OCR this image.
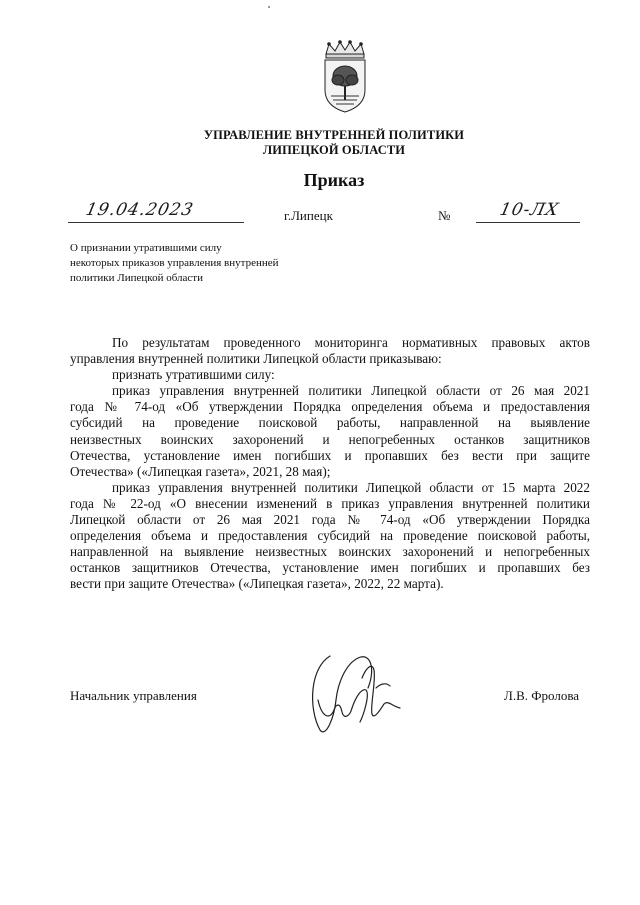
УПРАВЛЕНИЕ ВНУТРЕННЕЙ ПОЛИТИКИ
ЛИПЕЦКОЙ ОБЛАСТИ
Приказ
19.04.2023	г.Липецк	№	10-ЛХ
О признании утратившими силу
некоторых приказов управления внутренней
политики Липецкой области

По результатам проведенного мониторинга нормативных правовых актов

управления внутренней политики Липецкой области приказываю:

признать утратившими силу:

приказ управления внутренней политики Липецкой области от 26 мая 2021

года № 74-од «Об утверждении Порядка определения объема и предоставления

субсидий на проведение поисковой работы, направленной на выявление

неизвестных воинских захоронений и непогребенных останков защитников

Отечества, установление имен погибших и пропавших без вести при защите

Отечества» («Липецкая газета», 2021, 28 мая);

приказ управления внутренней политики Липецкой области от 15 марта 2022

года № 22-од «О внесении изменений в приказ управления внутренней политики

Липецкой области от 26 мая 2021 года № 74-од «Об утверждении Порядка

определения объема и предоставления субсидий на проведение поисковой работы,

направленной на выявление неизвестных воинских захоронений и непогребенных

останков защитников Отечества, установление имен погибших и пропавших без

вести при защите Отечества» («Липецкая газета», 2022, 22 марта).

Начальник управления	Л.В. Фролова
